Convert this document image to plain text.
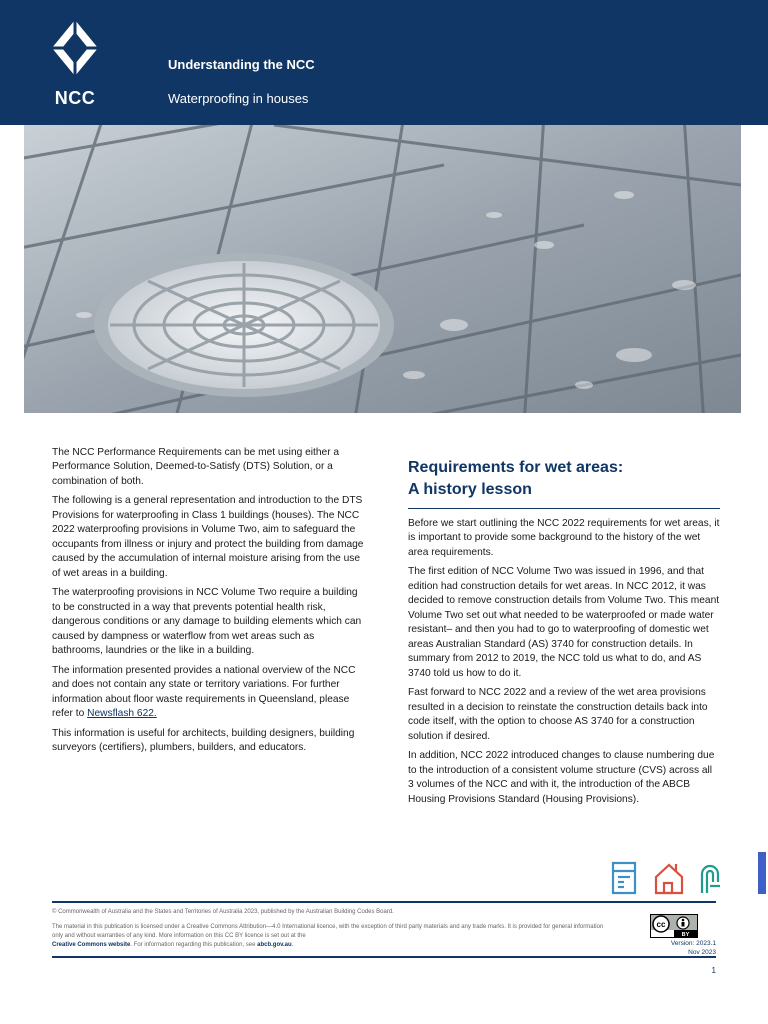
NCC
Understanding the NCC
Waterproofing in houses

The NCC Performance Requirements can be met using either a Performance Solution, Deemed-to-Satisfy (DTS) Solution, or a combination of both.

The following is a general representation and introduction to the DTS Provisions for waterproofing in Class 1 buildings (houses). The NCC 2022 waterproofing provisions in Volume Two, aim to safeguard the occupants from illness or injury and protect the building from damage caused by the accumulation of internal moisture arising from the use of wet areas in a building.

The waterproofing provisions in NCC Volume Two require a building to be constructed in a way that prevents potential health risk, dangerous conditions or any damage to building elements which can caused by dampness or waterflow from wet areas such as bathrooms, laundries or the like in a building.

The information presented provides a national overview of the NCC and does not contain any state or territory variations. For further information about floor waste requirements in Queensland, please refer to Newsflash 622.

This information is useful for architects, building designers, building surveyors (certifiers), plumbers, builders, and educators.

Requirements for wet areas:
A history lesson

Before we start outlining the NCC 2022 requirements for wet areas, it is important to provide some background to the history of the wet area requirements.

The first edition of NCC Volume Two was issued in 1996, and that edition had construction details for wet areas. In NCC 2012, it was decided to remove construction details from Volume Two. This meant Volume Two set out what needed to be waterproofed or made water resistant– and then you had to go to waterproofing of domestic wet areas Australian Standard (AS) 3740 for construction details. In summary from 2012 to 2019, the NCC told us what to do, and AS 3740 told us how to do it.

Fast forward to NCC 2022 and a review of the wet area provisions resulted in a decision to reinstate the construction details back into code itself, with the option to choose AS 3740 for a construction solution if desired.

In addition, NCC 2022 introduced changes to clause numbering due to the introduction of a consistent volume structure (CVS) across all 3 volumes of the NCC and with it, the introduction of the ABCB Housing Provisions Standard (Housing Provisions).

© Commonwealth of Australia and the States and Territories of Australia 2023, published by the Australian Building Codes Board.
The material in this publication is licensed under a Creative Commons Attribution—4.0 International licence, with the exception of third party materials and any trade marks. It is provided for general information only and without warranties of any kind. More information on this CC BY licence is set out at the
Creative Commons website. For information regarding this publication, see abcb.gov.au.
cc
BY
Version: 2023.1
Nov 2023
1
